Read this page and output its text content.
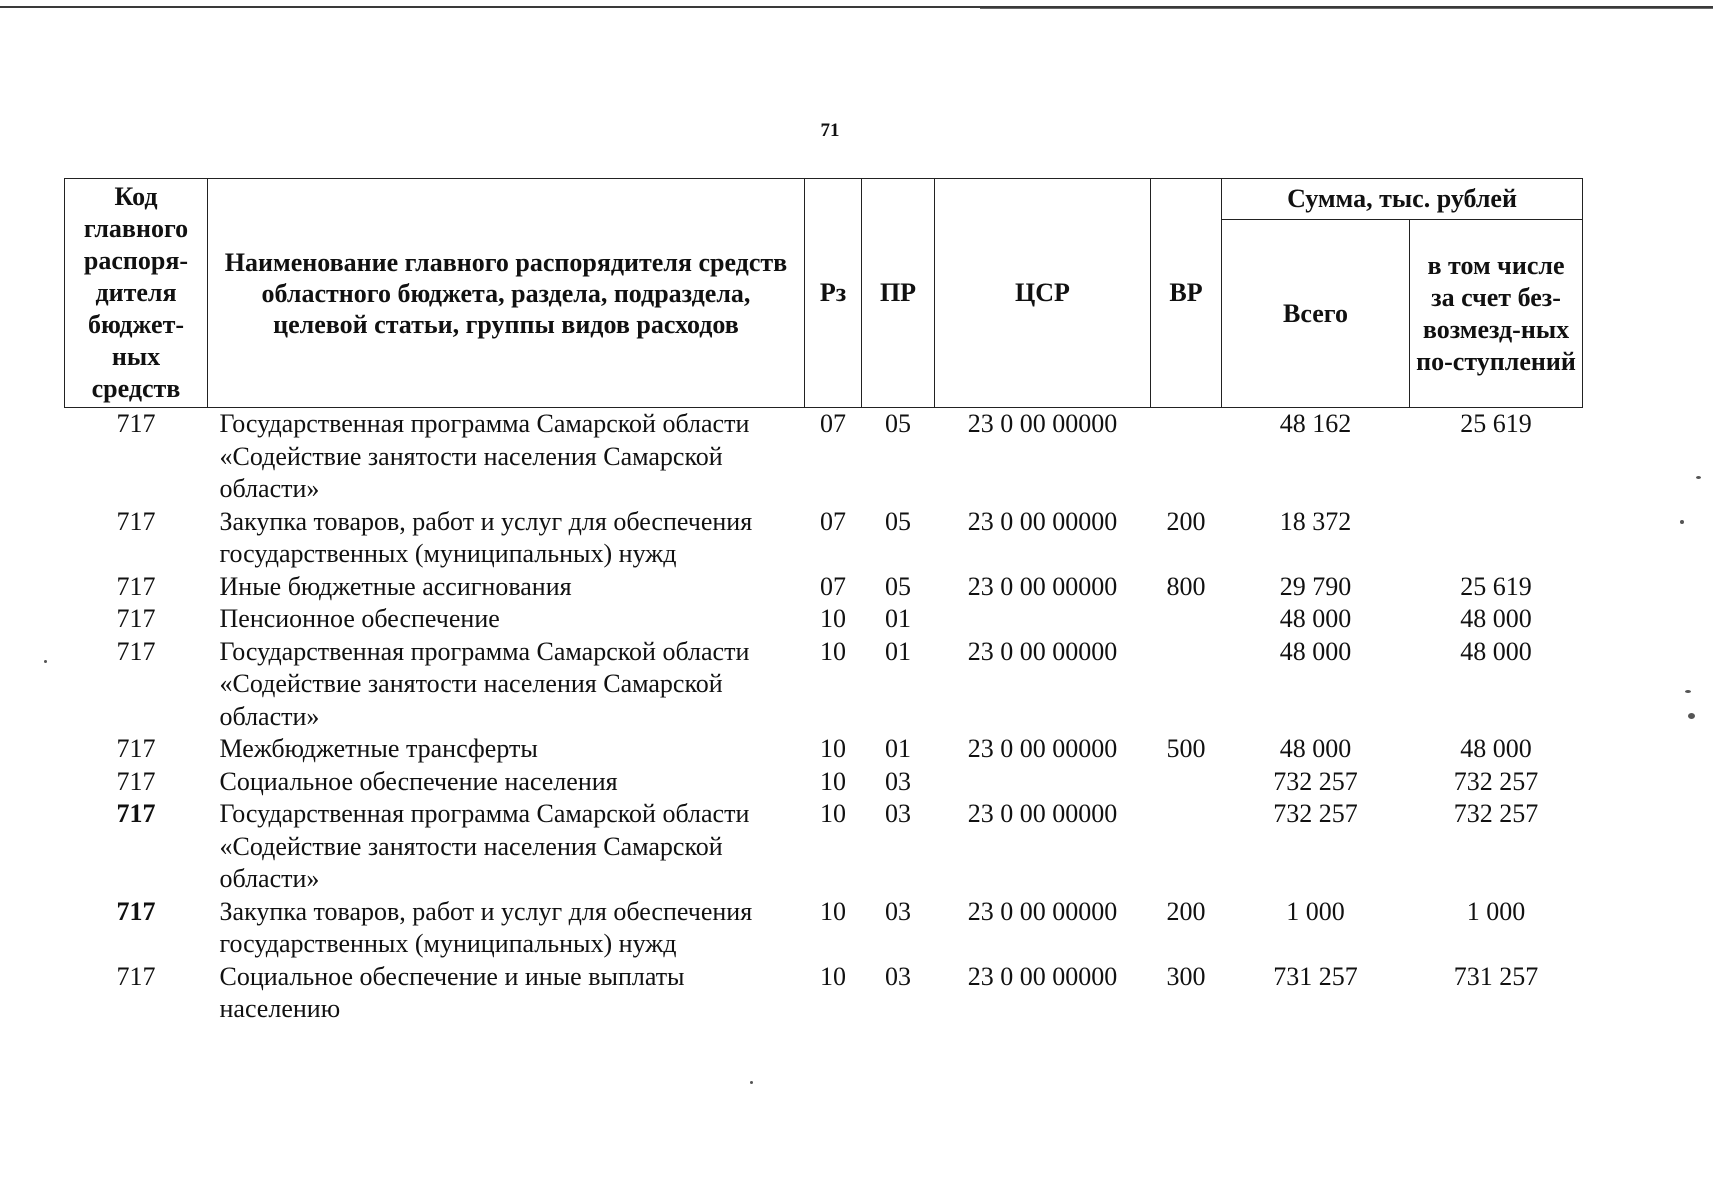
71
Код главного распоря-дителя бюджет-ных средств	Наименование главного распорядителя средств областного бюджета, раздела, подраздела, целевой статьи, группы видов расходов	Рз	ПР	ЦСР	ВР	Сумма, тыс. рублей	
						Всего	в том числе за счет без-возмезд-ных по-ступлений
717	Государственная программа Самарской области «Содействие занятости населения Самарской области»	07	05	23 0 00 00000		48 162	25 619
717	Закупка товаров, работ и услуг для обеспечения государственных (муниципальных) нужд	07	05	23 0 00 00000	200	18 372	
717	Иные бюджетные ассигнования	07	05	23 0 00 00000	800	29 790	25 619
717	Пенсионное обеспечение	10	01			48 000	48 000
717	Государственная программа Самарской области «Содействие занятости населения Самарской области»	10	01	23 0 00 00000		48 000	48 000
717	Межбюджетные трансферты	10	01	23 0 00 00000	500	48 000	48 000
717	Социальное обеспечение населения	10	03			732 257	732 257
717	Государственная программа Самарской области «Содействие занятости населения Самарской области»	10	03	23 0 00 00000		732 257	732 257
717	Закупка товаров, работ и услуг для обеспечения государственных (муниципальных) нужд	10	03	23 0 00 00000	200	1 000	1 000
717	Социальное обеспечение и иные выплаты населению	10	03	23 0 00 00000	300	731 257	731 257
